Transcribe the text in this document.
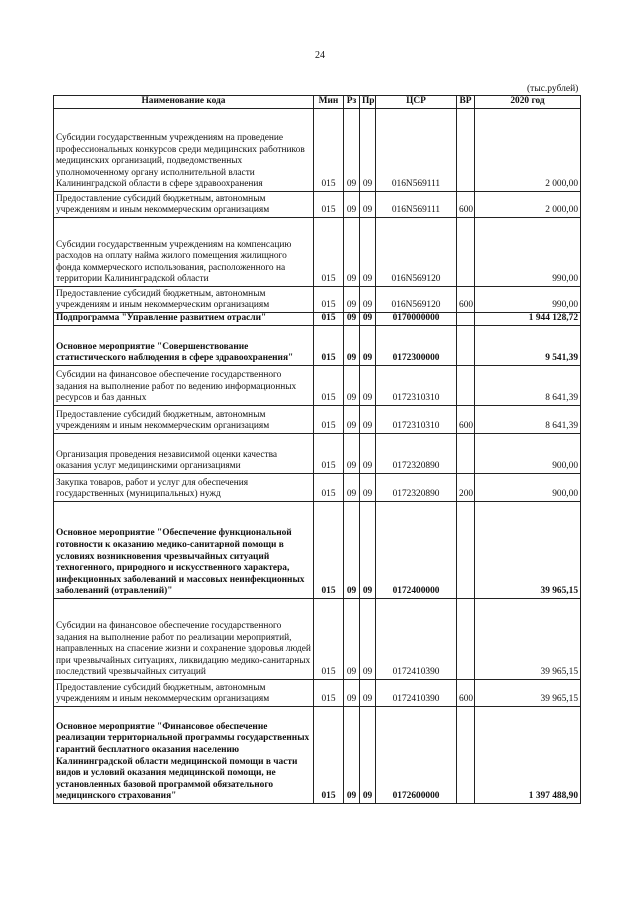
24
(тыс.рублей)
Наименование кода	Мин	Рз	Пр	ЦСР	ВР	2020 год
Субсидии государственным учреждениям на проведение профессиональных конкурсов среди медицинских работников медицинских организаций, подведомственных уполномоченному органу исполнительной власти Калининградской области в сфере здравоохранения	015	09	09	016N569111		2 000,00
Предоставление субсидий бюджетным, автономным учреждениям и иным некоммерческим организациям	015	09	09	016N569111	600	2 000,00
Субсидии государственным учреждениям на компенсацию расходов на оплату найма жилого помещения жилищного фонда коммерческого использования, расположенного на территории Калининградской области	015	09	09	016N569120		990,00
Предоставление субсидий бюджетным, автономным учреждениям и иным некоммерческим организациям	015	09	09	016N569120	600	990,00
Подпрограмма "Управление развитием отрасли"	015	09	09	0170000000		1 944 128,72
Основное мероприятие "Совершенствование статистического наблюдения в сфере здравоохранения"	015	09	09	0172300000		9 541,39
Субсидии на финансовое обеспечение государственного задания на выполнение работ по ведению информационных ресурсов и баз данных	015	09	09	0172310310		8 641,39
Предоставление субсидий бюджетным, автономным учреждениям и иным некоммерческим организациям	015	09	09	0172310310	600	8 641,39
Организация проведения независимой оценки качества оказания услуг медицинскими организациями	015	09	09	0172320890		900,00
Закупка товаров, работ и услуг для обеспечения государственных (муниципальных) нужд	015	09	09	0172320890	200	900,00
Основное мероприятие "Обеспечение функциональной готовности к оказанию медико-санитарной помощи в условиях возникновения чрезвычайных ситуаций техногенного, природного и искусственного характера, инфекционных заболеваний и массовых неинфекционных заболеваний (отравлений)"	015	09	09	0172400000		39 965,15
Субсидии на финансовое обеспечение государственного задания на выполнение работ по реализации мероприятий, направленных на спасение жизни и сохранение здоровья людей при чрезвычайных ситуациях, ликвидацию медико-санитарных последствий чрезвычайных ситуаций	015	09	09	0172410390		39 965,15
Предоставление субсидий бюджетным, автономным учреждениям и иным некоммерческим организациям	015	09	09	0172410390	600	39 965,15
Основное мероприятие "Финансовое обеспечение реализации территориальной программы государственных гарантий бесплатного оказания населению Калининградской области медицинской помощи в части видов и условий оказания медицинской помощи, не установленных базовой программой обязательного медицинского страхования"	015	09	09	0172600000		1 397 488,90
